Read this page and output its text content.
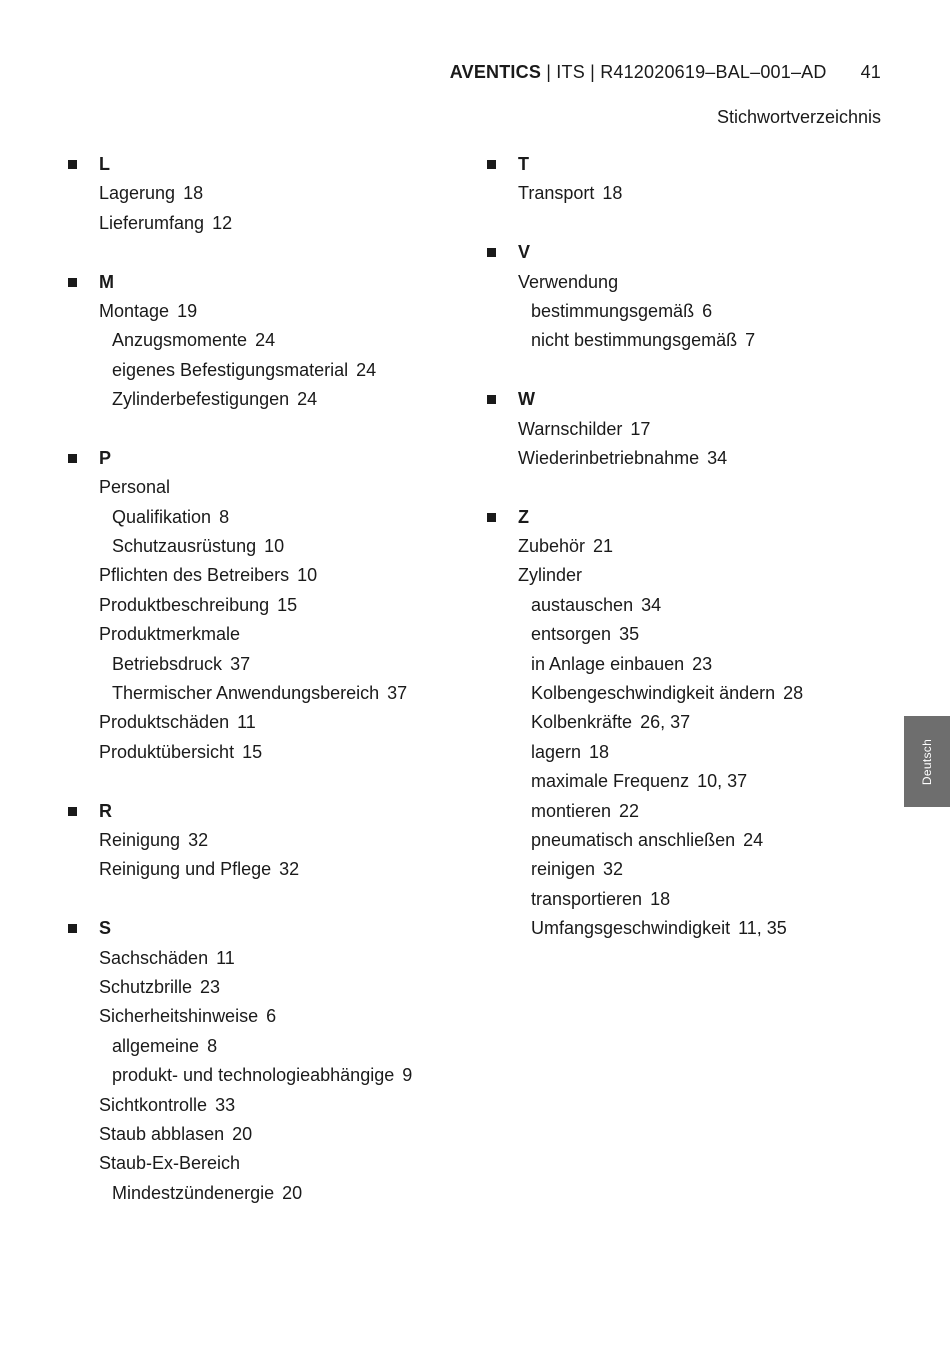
AVENTICS | ITS | R412020619–BAL–001–AD 41
Stichwortverzeichnis
L
Lagerung 18
Lieferumfang 12
M
Montage 19
Anzugsmomente 24
eigenes Befestigungsmaterial 24
Zylinderbefestigungen 24
P
Personal
Qualifikation 8
Schutzausrüstung 10
Pflichten des Betreibers 10
Produktbeschreibung 15
Produktmerkmale
Betriebsdruck 37
Thermischer Anwendungsbereich 37
Produktschäden 11
Produktübersicht 15
R
Reinigung 32
Reinigung und Pflege 32
S
Sachschäden 11
Schutzbrille 23
Sicherheitshinweise 6
allgemeine 8
produkt- und technologieabhängige 9
Sichtkontrolle 33
Staub abblasen 20
Staub-Ex-Bereich
Mindestzündenergie 20
T
Transport 18
V
Verwendung
bestimmungsgemäß 6
nicht bestimmungsgemäß 7
W
Warnschilder 17
Wiederinbetriebnahme 34
Z
Zubehör 21
Zylinder
austauschen 34
entsorgen 35
in Anlage einbauen 23
Kolbengeschwindigkeit ändern 28
Kolbenkräfte 26, 37
lagern 18
maximale Frequenz 10, 37
montieren 22
pneumatisch anschließen 24
reinigen 32
transportieren 18
Umfangsgeschwindigkeit 11, 35
Deutsch
